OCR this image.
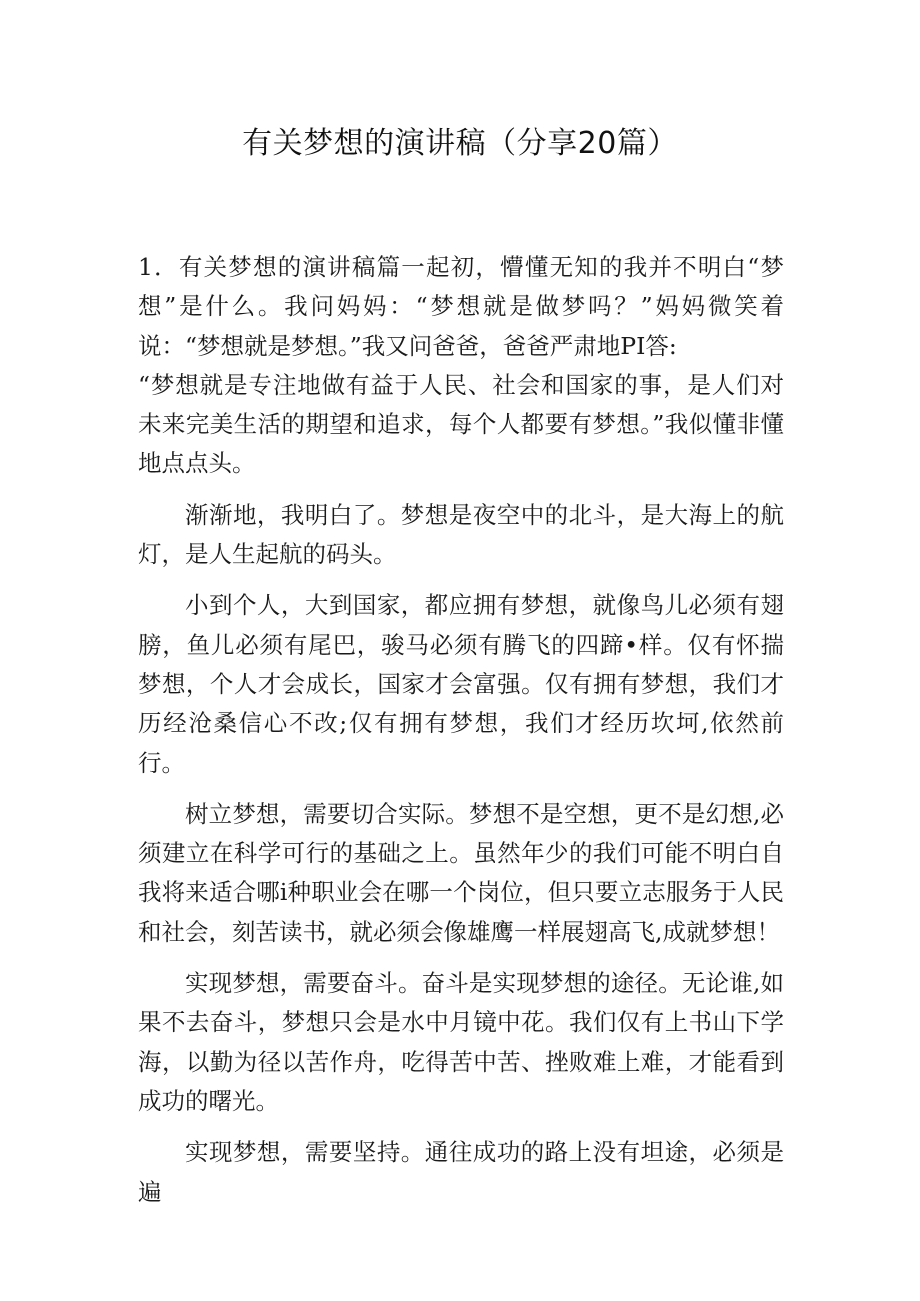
有关梦想的演讲稿（分享20篇）

1．有关梦想的演讲稿篇一起初，懵懂无知的我并不明白“梦想”是什么。我问妈妈：“梦想就是做梦吗？”妈妈微笑着说：“梦想就是梦想。”我又问爸爸，爸爸严肃地PI答:

“梦想就是专注地做有益于人民、社会和国家的事，是人们对未来完美生活的期望和追求，每个人都要有梦想。”我似懂非懂地点点头。

渐渐地，我明白了。梦想是夜空中的北斗，是大海上的航灯，是人生起航的码头。

小到个人，大到国家，都应拥有梦想，就像鸟儿必须有翅膀，鱼儿必须有尾巴，骏马必须有腾飞的四蹄•样。仅有怀揣梦想，个人才会成长，国家才会富强。仅有拥有梦想，我们才历经沧桑信心不改;仅有拥有梦想，我们才经历坎坷,依然前行。

树立梦想，需要切合实际。梦想不是空想，更不是幻想,必须建立在科学可行的基础之上。虽然年少的我们可能不明白自我将来适合哪i种职业会在哪一个岗位，但只要立志服务于人民和社会，刻苦读书，就必须会像雄鹰一样展翅高飞,成就梦想！

实现梦想，需要奋斗。奋斗是实现梦想的途径。无论谁,如果不去奋斗，梦想只会是水中月镜中花。我们仅有上书山下学海，以勤为径以苦作舟，吃得苦中苦、挫败难上难，才能看到成功的曙光。

实现梦想，需要坚持。通往成功的路上没有坦途，必须是遍
